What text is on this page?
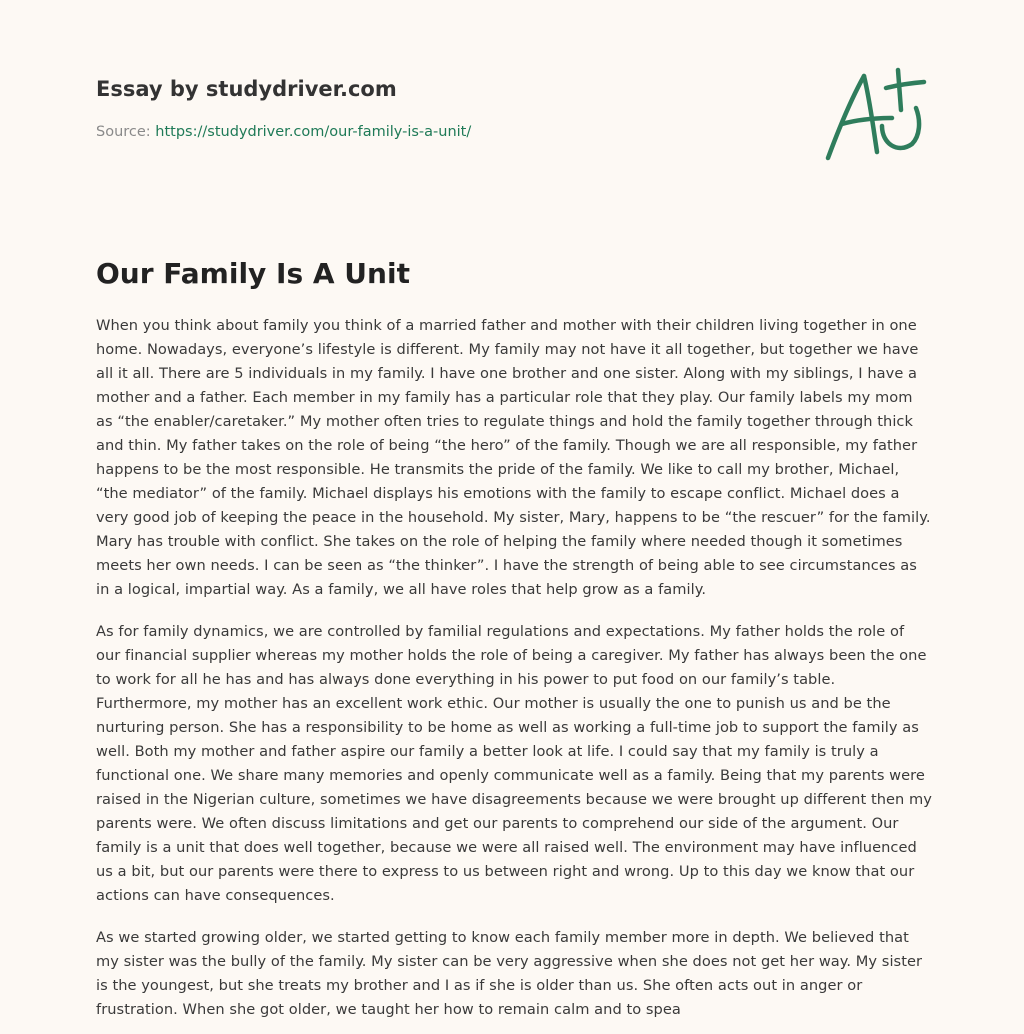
Essay by studydriver.com
Source: https://studydriver.com/our-family-is-a-unit/
Our Family Is A Unit

When you think about family you think of a married father and mother with their children living together in one home. Nowadays, everyone’s lifestyle is different. My family may not have it all together, but together we have all it all. There are 5 individuals in my family. I have one brother and one sister. Along with my siblings, I have a mother and a father. Each member in my family has a particular role that they play. Our family labels my mom as “the enabler/caretaker.” My mother often tries to regulate things and hold the family together through thick and thin. My father takes on the role of being “the hero” of the family. Though we are all responsible, my father happens to be the most responsible. He transmits the pride of the family. We like to call my brother, Michael, “the mediator” of the family. Michael displays his emotions with the family to escape conflict. Michael does a very good job of keeping the peace in the household. My sister, Mary, happens to be “the rescuer” for the family. Mary has trouble with conflict. She takes on the role of helping the family where needed though it sometimes meets her own needs. I can be seen as “the thinker”. I have the strength of being able to see circumstances as in a logical, impartial way. As a family, we all have roles that help grow as a family.

As for family dynamics, we are controlled by familial regulations and expectations. My father holds the role of our financial supplier whereas my mother holds the role of being a caregiver. My father has always been the one to work for all he has and has always done everything in his power to put food on our family’s table. Furthermore, my mother has an excellent work ethic. Our mother is usually the one to punish us and be the nurturing person. She has a responsibility to be home as well as working a full-time job to support the family as well. Both my mother and father aspire our family a better look at life. I could say that my family is truly a functional one. We share many memories and openly communicate well as a family. Being that my parents were raised in the Nigerian culture, sometimes we have disagreements because we were brought up different then my parents were. We often discuss limitations and get our parents to comprehend our side of the argument. Our family is a unit that does well together, because we were all raised well. The environment may have influenced us a bit, but our parents were there to express to us between right and wrong. Up to this day we know that our actions can have consequences.

As we started growing older, we started getting to know each family member more in depth. We believed that my sister was the bully of the family. My sister can be very aggressive when she does not get her way. My sister is the youngest, but she treats my brother and I as if she is older than us. She often acts out in anger or frustration. When she got older, we taught her how to remain calm and to spea
